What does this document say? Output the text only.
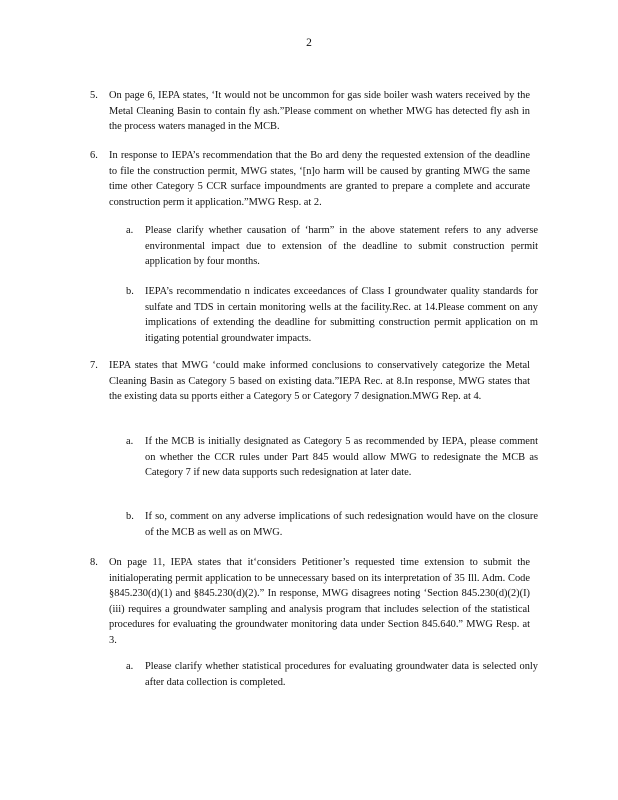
2
5.	On page 6, IEPA states, ‘It would not be uncommon for gas side boiler wash waters received by the Metal Cleaning Basin to contain fly ash.”Please comment on whether MWG has detected fly ash in the process waters managed in the MCB.
6.	In response to IEPA’s recommendation that the Bo ard deny the requested extension of the deadline to file the construction permit, MWG states, ‘[n]o harm will be caused by granting MWG the same time other Category 5 CCR surface impoundments are granted to prepare a complete and accurate construction perm it application.”MWG Resp. at 2.
a.	Please clarify whether causation of ‘harm” in the above statement refers to any adverse environmental impact due to extension of the deadline to submit construction permit application by four months.
b.	IEPA’s recommendatio n indicates exceedances of Class I groundwater quality standards for sulfate and TDS in certain monitoring wells at the facility.Rec. at 14.Please comment on any implications of extending the deadline for submitting construction permit application on m itigating potential groundwater impacts.
7.	IEPA states that MWG ‘could make informed conclusions to conservatively categorize the Metal Cleaning Basin as Category 5 based on existing data.”IEPA Rec. at 8.In response, MWG states that the existing data su pports either a Category 5 or Category 7 designation.MWG Rep. at 4.
a.	If the MCB is initially designated as Category 5 as recommended by IEPA, please comment on whether the CCR rules under Part 845 would allow MWG to redesignate the MCB as Category 7 if new data supports such redesignation at later date.
b.	If so, comment on any adverse implications of such redesignation would have on the closure of the MCB as well as on MWG.
8.	On page 11, IEPA states that it‘considers Petitioner’s requested time extension to submit the initialoperating permit application to be unnecessary based on its interpretation of 35 Ill. Adm. Code §845.230(d)(1) and §845.230(d)(2).” In response, MWG disagrees noting ‘Section 845.230(d)(2)(I)(iii) requires a groundwater sampling and analysis program that includes selection of the statistical procedures for evaluating the groundwater monitoring data under Section 845.640.” MWG Resp. at 3.
a.	Please clarify whether statistical procedures for evaluating groundwater data is selected only after data collection is completed.
